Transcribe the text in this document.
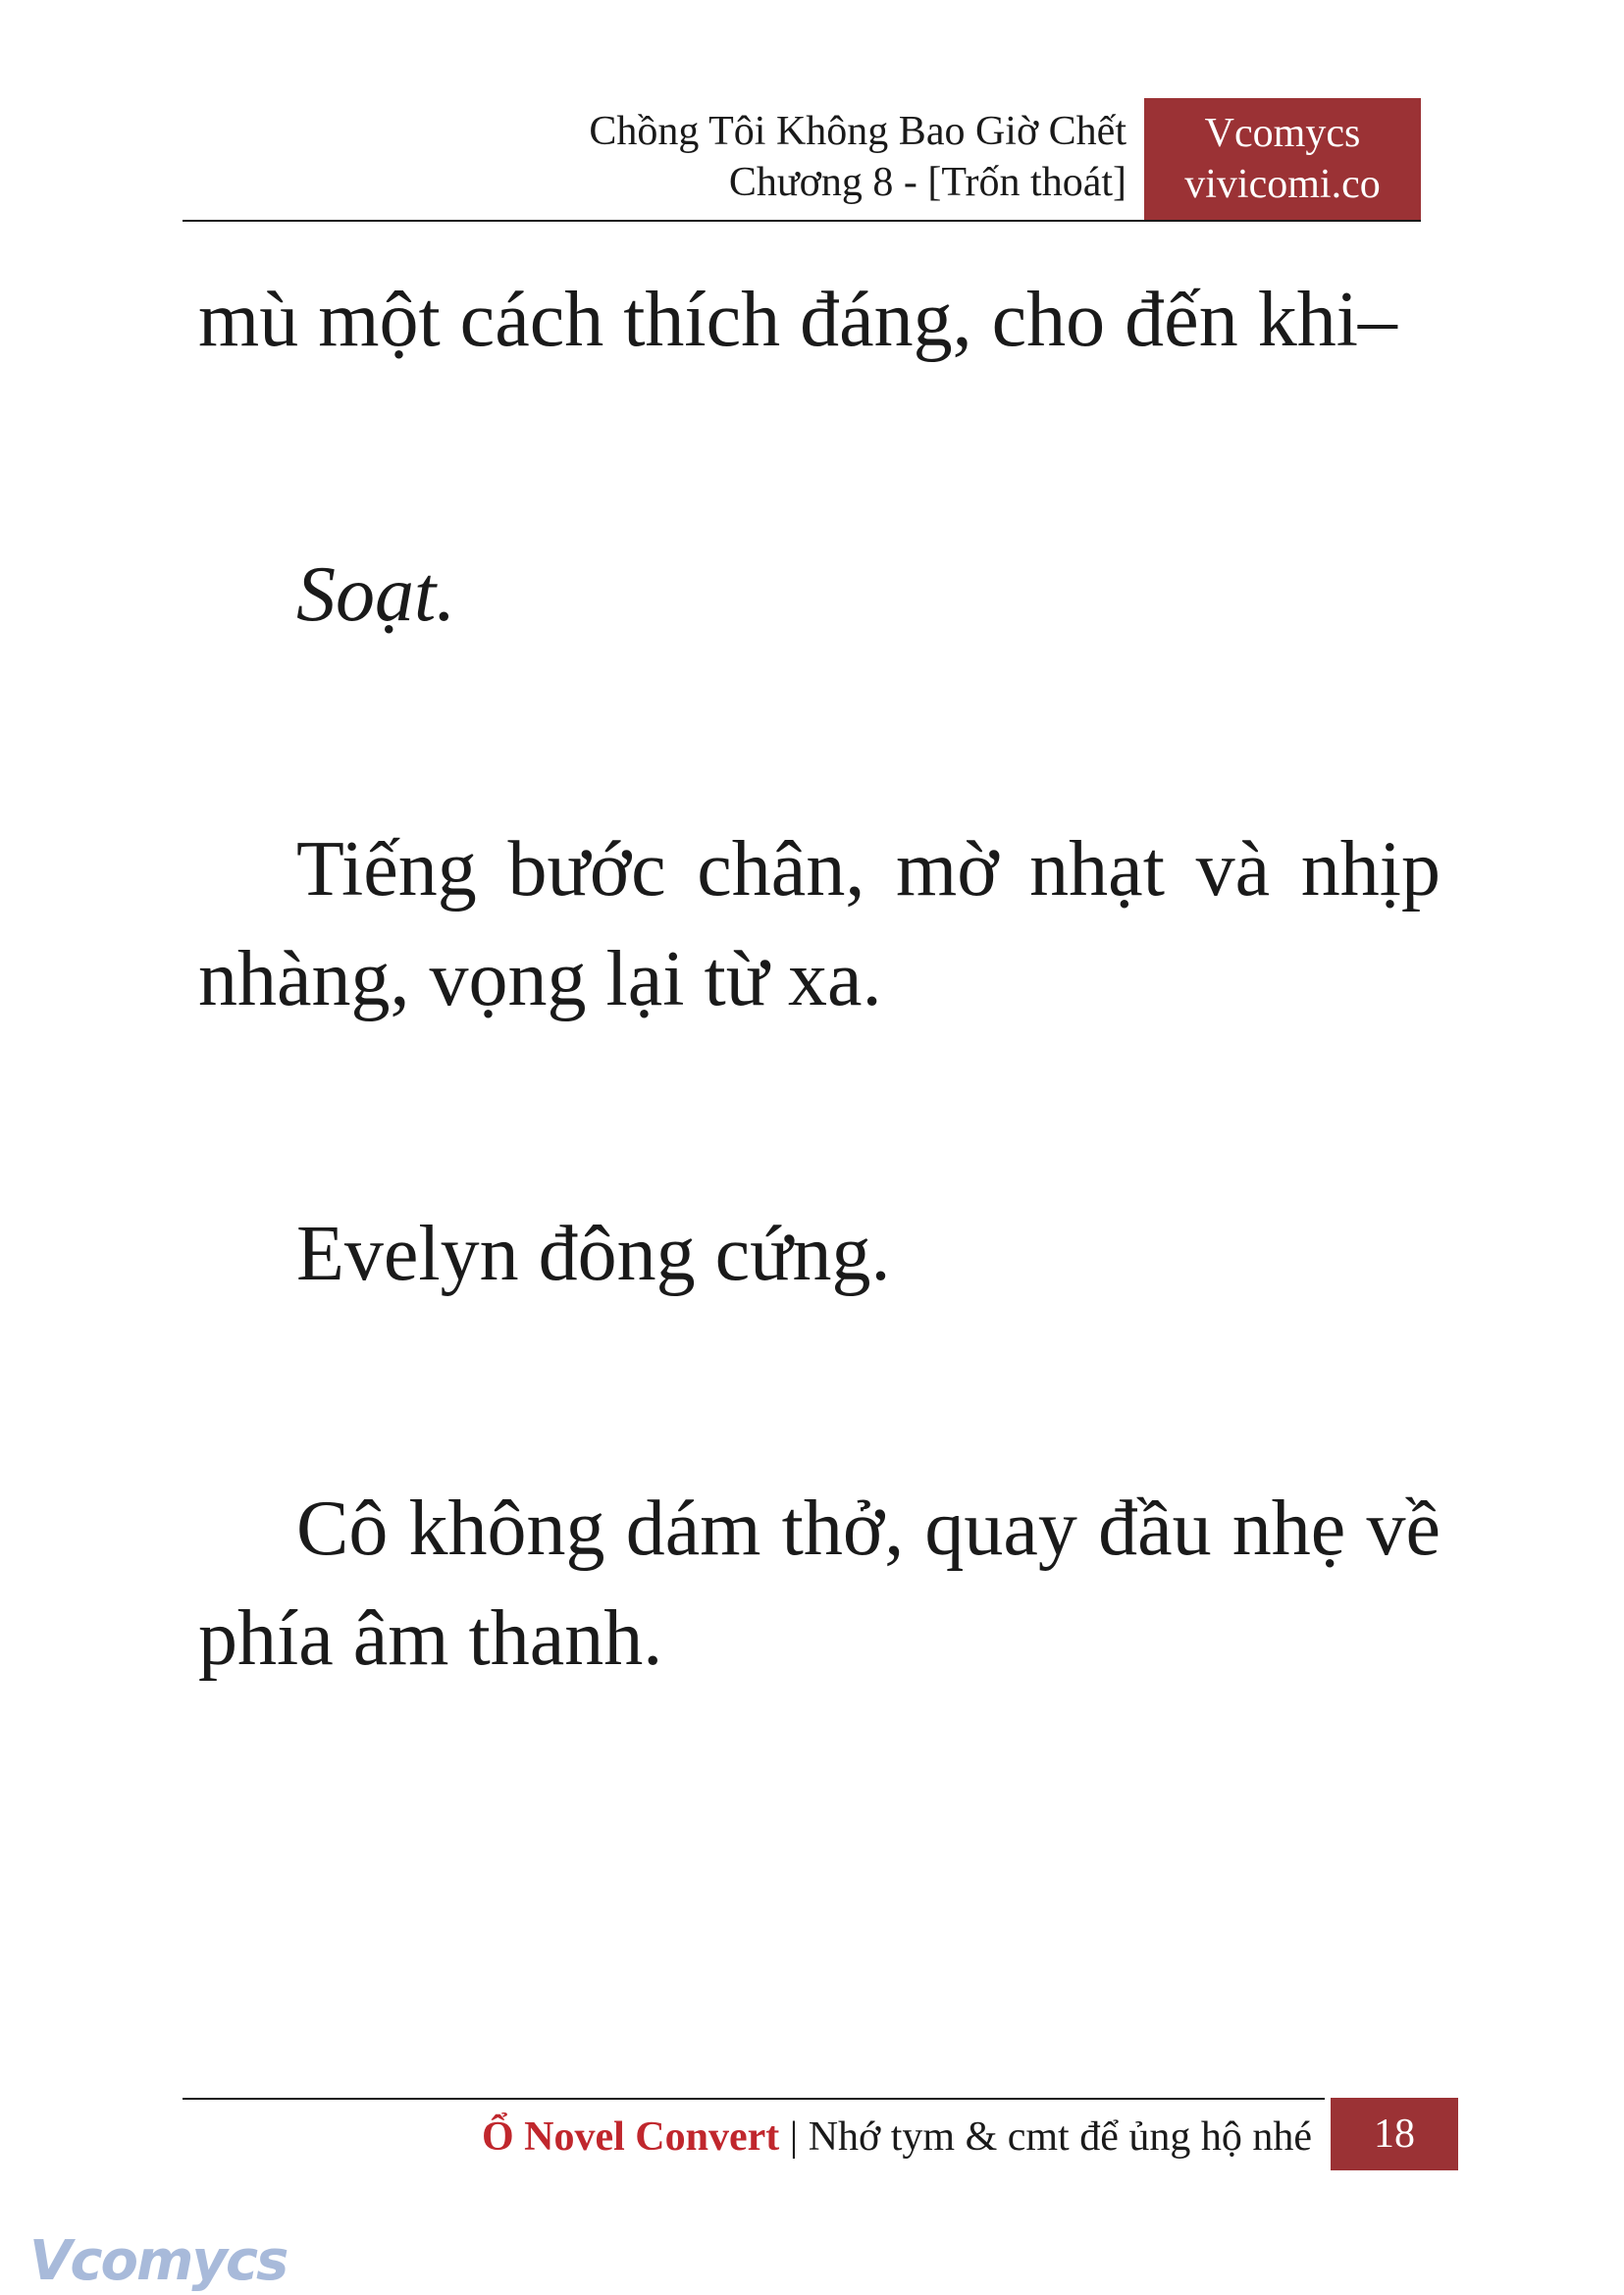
Chồng Tôi Không Bao Giờ Chết
Chương 8 - [Trốn thoát]
Vcomycs
vivicomi.co

mù một cách thích đáng, cho đến khi–

Soạt.

Tiếng bước chân, mờ nhạt và nhịp nhàng, vọng lại từ xa.

Evelyn đông cứng.

Cô không dám thở, quay đầu nhẹ về phía âm thanh.

Ổ Novel Convert | Nhớ tym & cmt để ủng hộ nhé	18
Vcomycs
